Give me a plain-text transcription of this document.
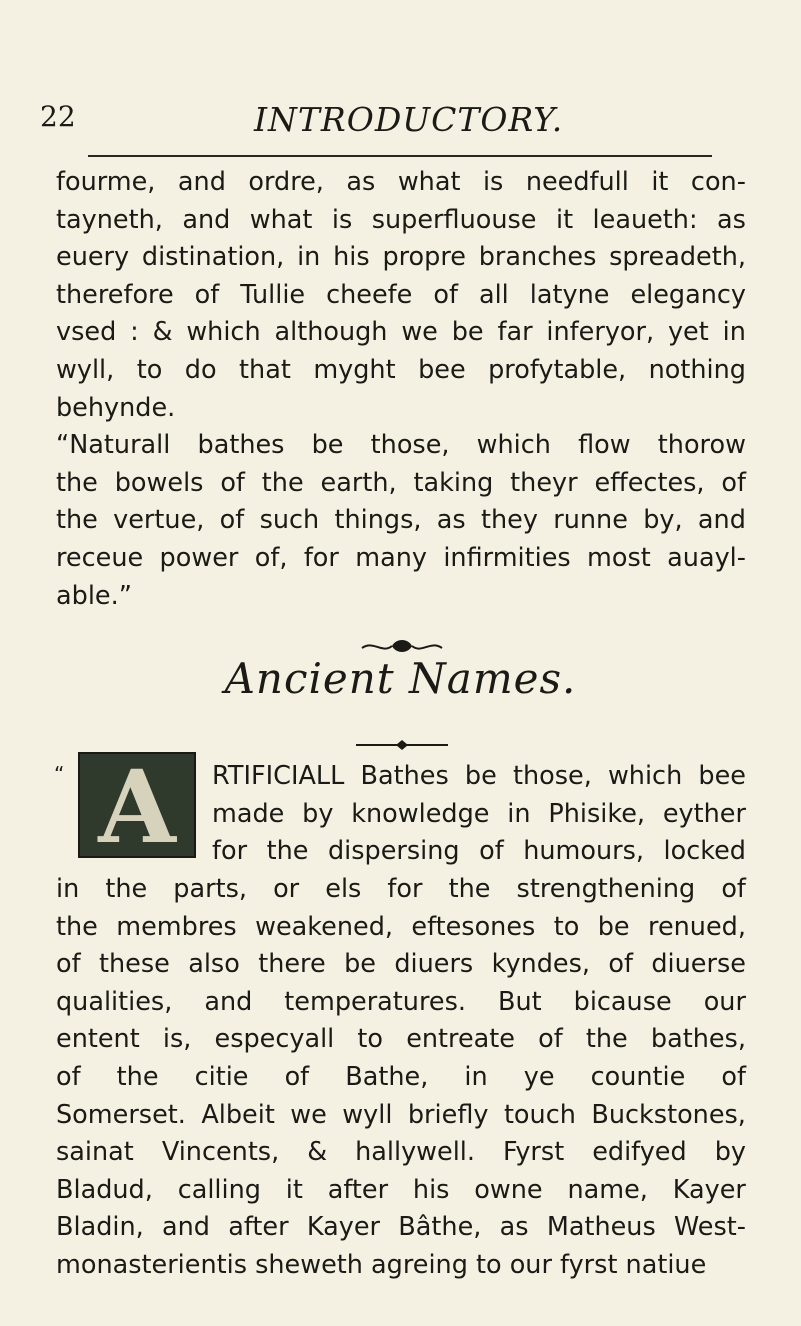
22	INTRODUCTORY.
fourme, and ordre, as what is needfull it con-
tayneth, and what is superfluouse it leaueth: as
euery distination, in his propre branches spreadeth,
therefore of Tullie cheefe of all latyne elegancy
vsed : & which although we be far inferyor, yet in
wyll, to do that myght bee profytable, nothing
behynde.
“Naturall bathes be those, which flow thorow
the bowels of the earth, taking theyr effectes, of
the vertue, of such things, as they runne by, and
receue power of, for many infirmities most auayl-
able.”
Ancient Names.
“ A	RTIFICIALL Bathes be those, which bee
made by knowledge in Phisike, eyther
for the dispersing of humours, locked
in the parts, or els for the strengthening of
the membres weakened, eftesones to be renued,
of these also there be diuers kyndes, of diuerse
qualities, and temperatures. But bicause our
entent is, especyall to entreate of the bathes,
of the citie of Bathe, in ye countie of
Somerset. Albeit we wyll briefly touch Buckstones,
sainat Vincents, & hallywell. Fyrst edifyed by
Bladud, calling it after his owne name, Kayer
Bladin, and after Kayer Bâthe, as Matheus West-
monasterientis sheweth agreing to our fyrst natiue
